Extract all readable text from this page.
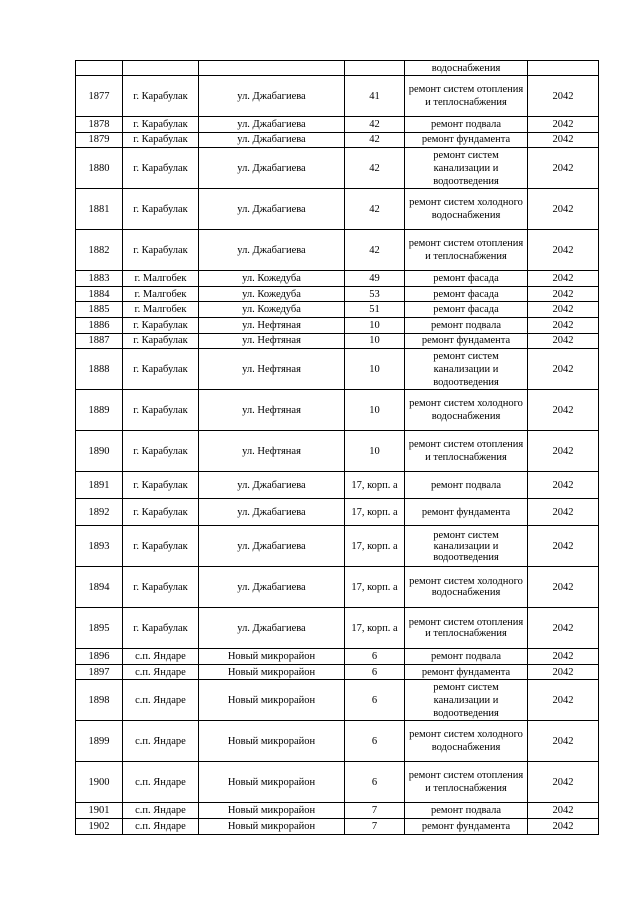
				водоснабжения	
1877	г. Карабулак	ул. Джабагиева	41	ремонт систем отопления и теплоснабжения	2042
1878	г. Карабулак	ул. Джабагиева	42	ремонт подвала	2042
1879	г. Карабулак	ул. Джабагиева	42	ремонт фундамента	2042
1880	г. Карабулак	ул. Джабагиева	42	ремонт систем канализации и водоотведения	2042
1881	г. Карабулак	ул. Джабагиева	42	ремонт систем холодного водоснабжения	2042
1882	г. Карабулак	ул. Джабагиева	42	ремонт систем отопления и теплоснабжения	2042
1883	г. Малгобек	ул. Кожедуба	49	ремонт фасада	2042
1884	г. Малгобек	ул. Кожедуба	53	ремонт фасада	2042
1885	г. Малгобек	ул. Кожедуба	51	ремонт фасада	2042
1886	г. Карабулак	ул. Нефтяная	10	ремонт подвала	2042
1887	г. Карабулак	ул. Нефтяная	10	ремонт фундамента	2042
1888	г. Карабулак	ул. Нефтяная	10	ремонт систем канализации и водоотведения	2042
1889	г. Карабулак	ул. Нефтяная	10	ремонт систем холодного водоснабжения	2042
1890	г. Карабулак	ул. Нефтяная	10	ремонт систем отопления и теплоснабжения	2042
1891	г. Карабулак	ул. Джабагиева	17, корп. а	ремонт подвала	2042
1892	г. Карабулак	ул. Джабагиева	17, корп. а	ремонт фундамента	2042
1893	г. Карабулак	ул. Джабагиева	17, корп. а	ремонт систем канализации и водоотведения	2042
1894	г. Карабулак	ул. Джабагиева	17, корп. а	ремонт систем холодного водоснабжения	2042
1895	г. Карабулак	ул. Джабагиева	17, корп. а	ремонт систем отопления и теплоснабжения	2042
1896	с.п. Яндаре	Новый микрорайон	6	ремонт подвала	2042
1897	с.п. Яндаре	Новый микрорайон	6	ремонт фундамента	2042
1898	с.п. Яндаре	Новый микрорайон	6	ремонт систем канализации и водоотведения	2042
1899	с.п. Яндаре	Новый микрорайон	6	ремонт систем холодного водоснабжения	2042
1900	с.п. Яндаре	Новый микрорайон	6	ремонт систем отопления и теплоснабжения	2042
1901	с.п. Яндаре	Новый микрорайон	7	ремонт подвала	2042
1902	с.п. Яндаре	Новый микрорайон	7	ремонт фундамента	2042
